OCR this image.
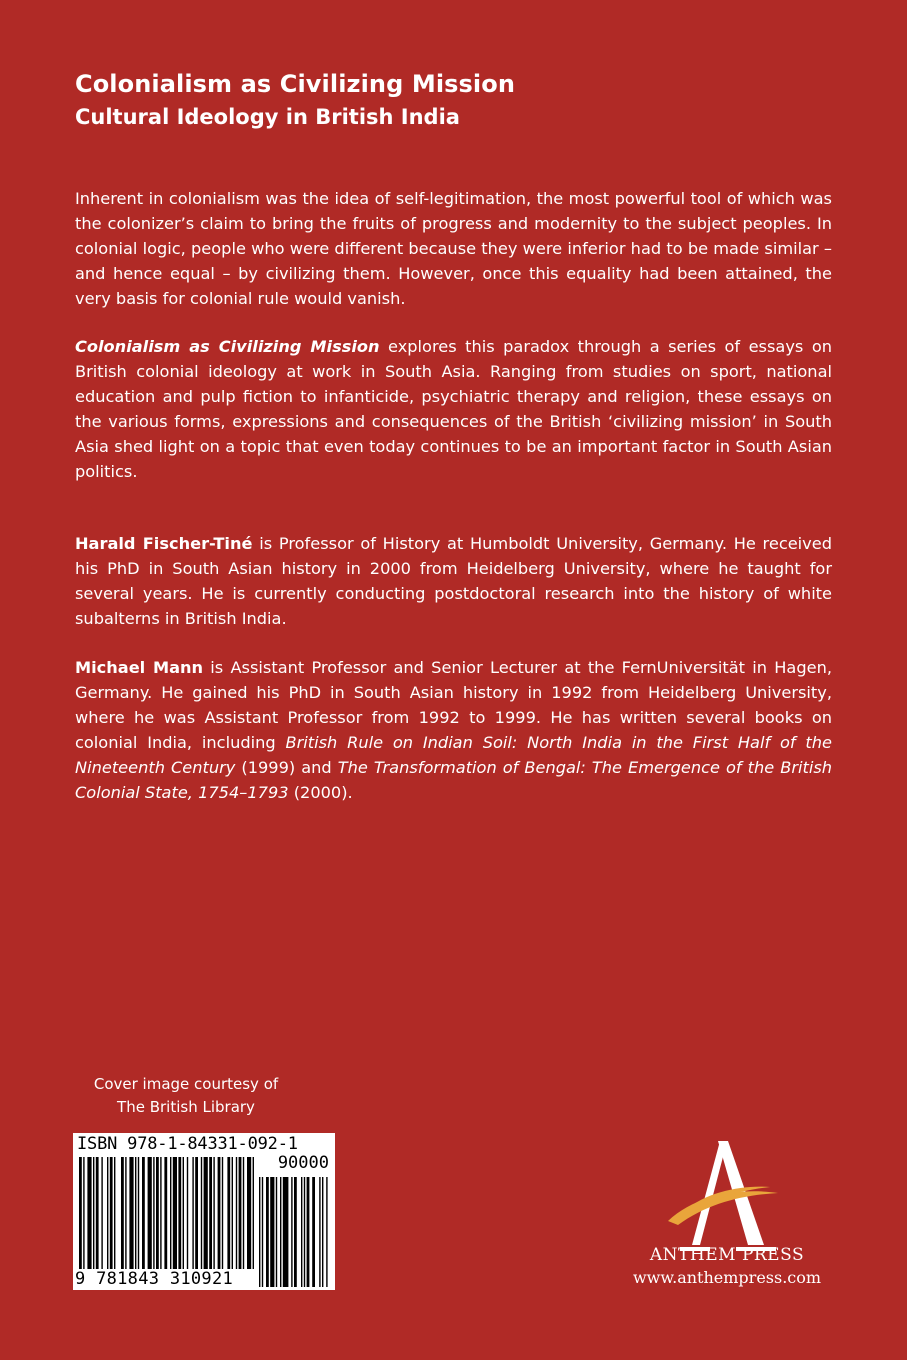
Colonialism as Civilizing Mission
Cultural Ideology in British India

Inherent in colonialism was the idea of self-legitimation, the most powerful tool of which was the colonizer’s claim to bring the fruits of progress and modernity to the subject peoples. In colonial logic, people who were different because they were inferior had to be made similar – and hence equal – by civilizing them. However, once this equality had been attained, the very basis for colonial rule would vanish.

Colonialism as Civilizing Mission explores this paradox through a series of essays on British colonial ideology at work in South Asia. Ranging from studies on sport, national education and pulp fiction to infanticide, psychiatric therapy and religion, these essays on the various forms, expressions and consequences of the British ‘civilizing mission’ in South Asia shed light on a topic that even today continues to be an important factor in South Asian politics.

Harald Fischer-Tiné is Professor of History at Humboldt University, Germany. He received his PhD in South Asian history in 2000 from Heidelberg University, where he taught for several years. He is currently conducting postdoctoral research into the history of white subalterns in British India.

Michael Mann is Assistant Professor and Senior Lecturer at the FernUniversität in Hagen, Germany. He gained his PhD in South Asian history in 1992 from Heidelberg University, where he was Assistant Professor from 1992 to 1999. He has written several books on colonial India, including British Rule on Indian Soil: North India in the First Half of the Nineteenth Century (1999) and The Transformation of Bengal: The Emergence of the British Colonial State, 1754–1793 (2000).

Cover image courtesy of
The British Library
ISBN 978-1-84331-092-1
90000
9 781843 310921
ANTHEM PRESS
www.anthempress.com
